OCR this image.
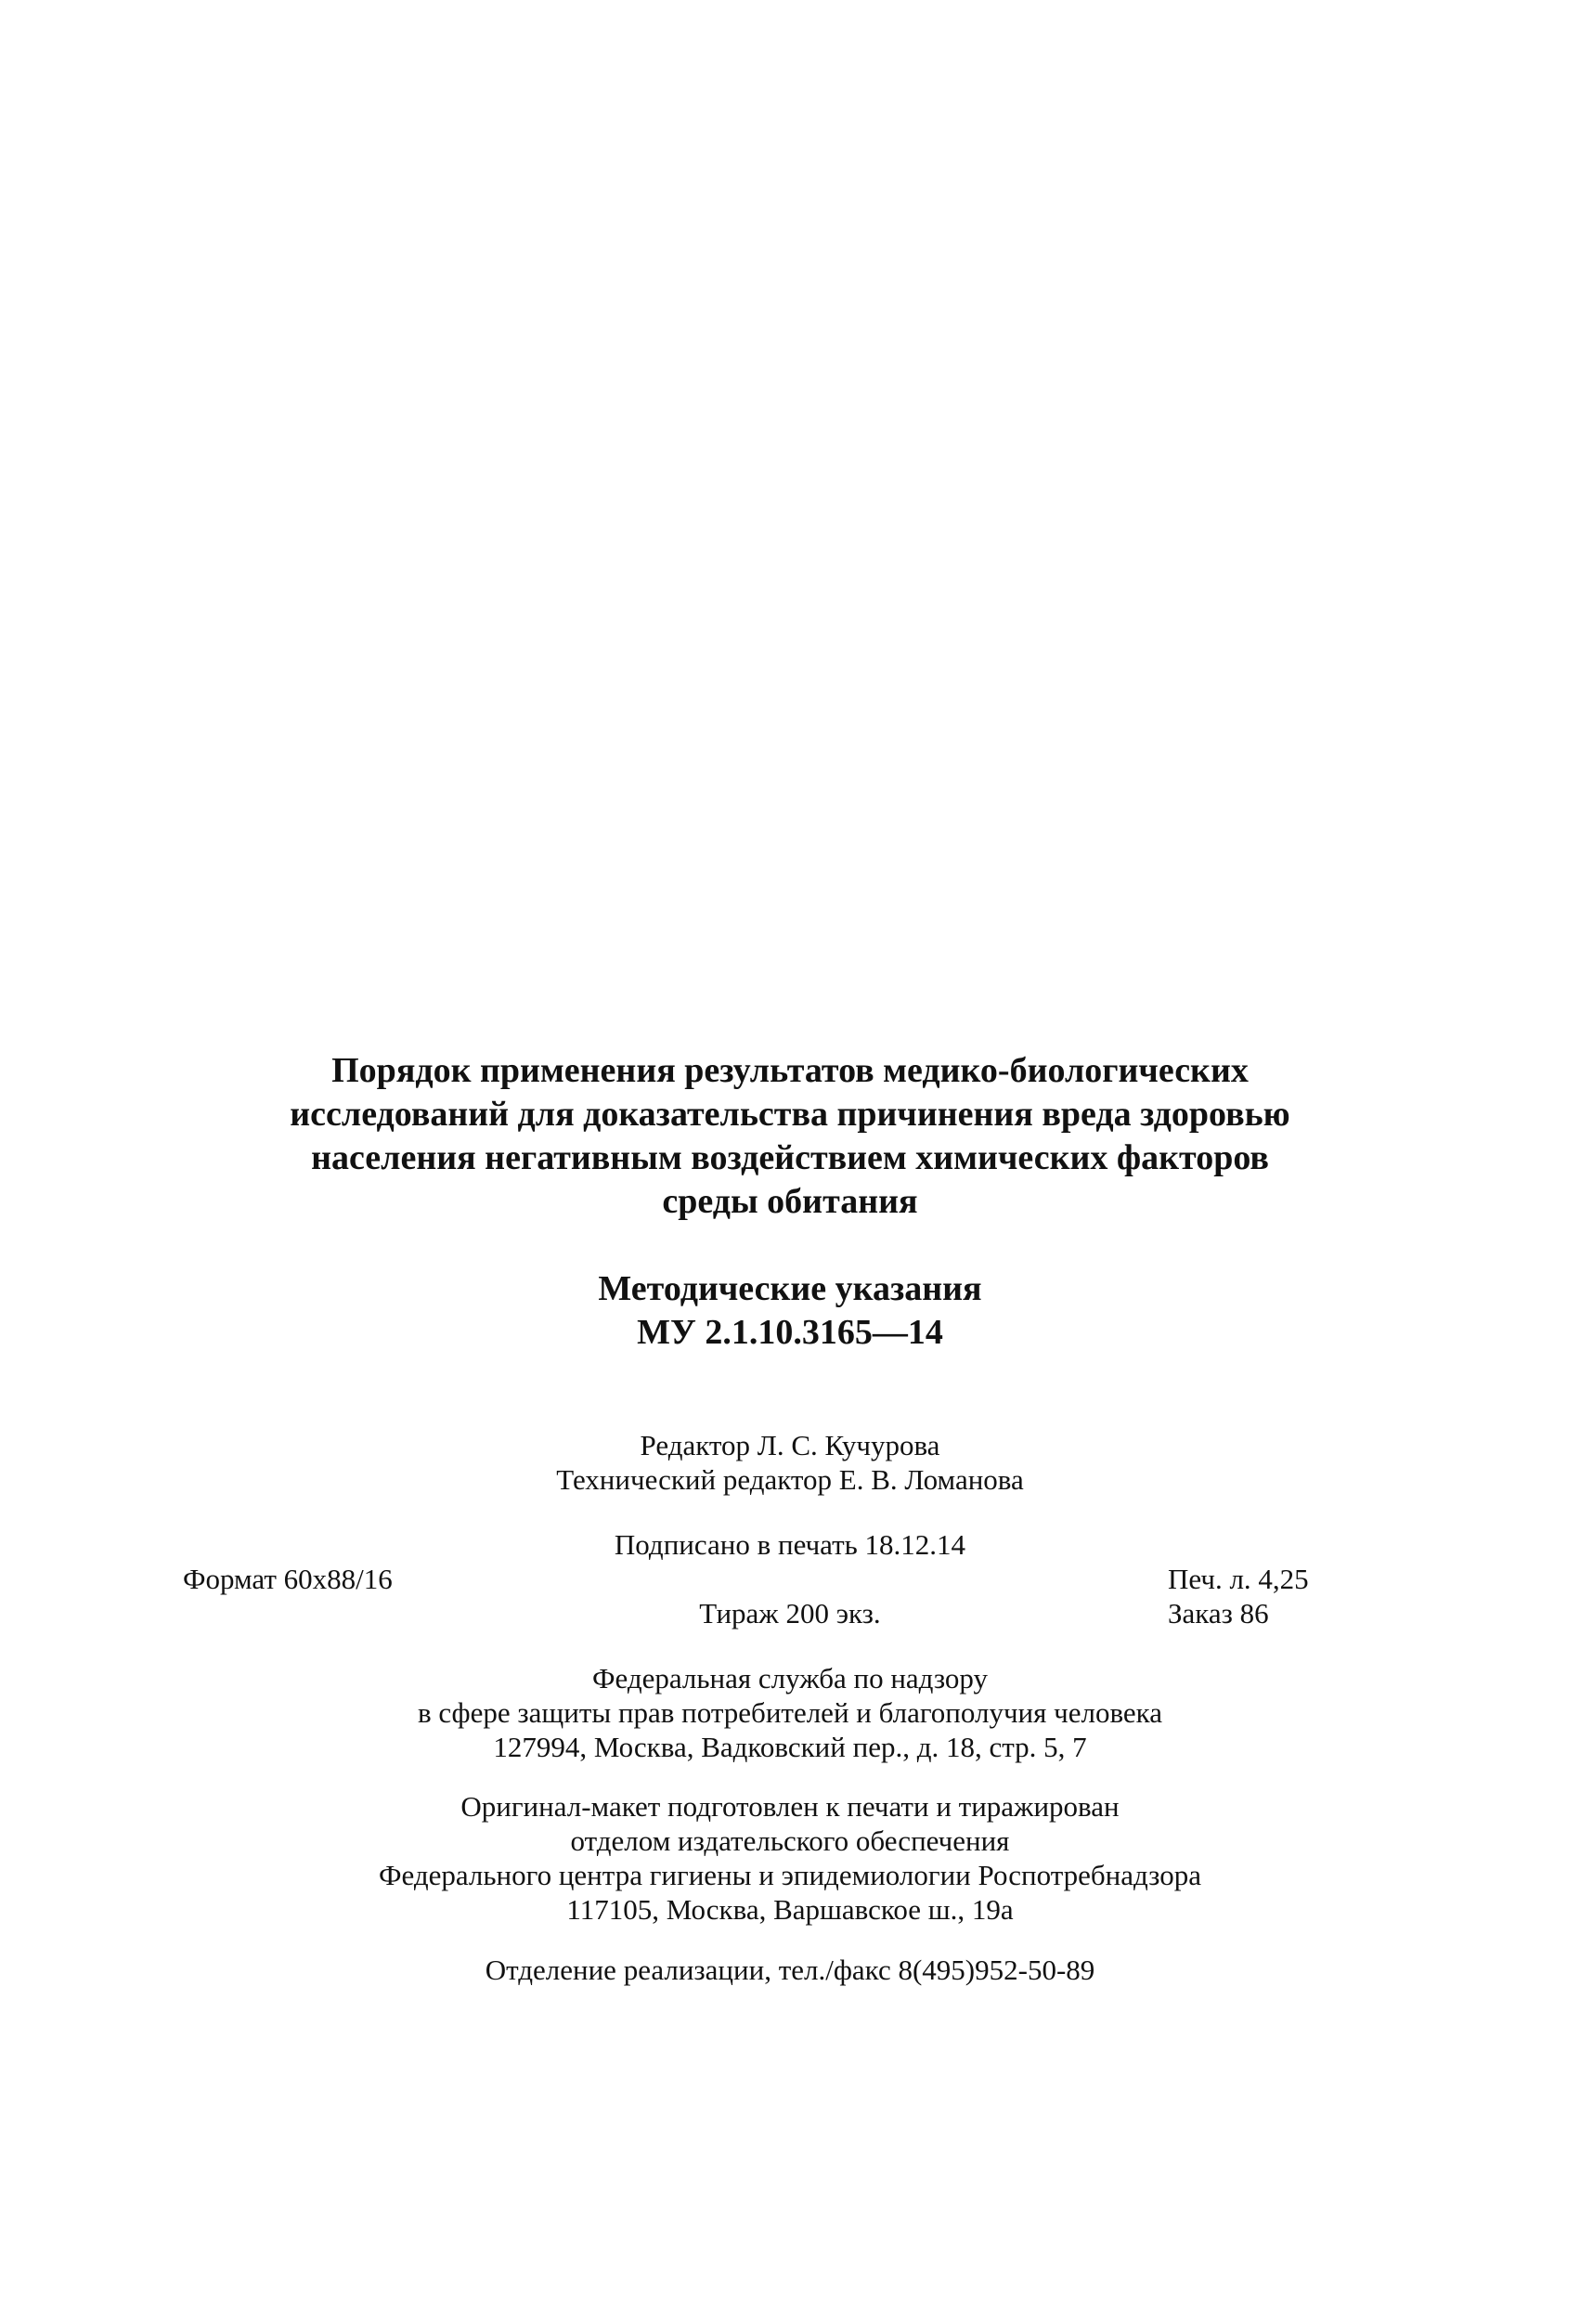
Порядок применения результатов медико-биологических
исследований для доказательства причинения вреда здоровью
населения негативным воздействием химических факторов
среды обитания
Методические указания
МУ 2.1.10.3165—14
Редактор Л. С. Кучурова
Технический редактор Е. В. Ломанова
Подписано в печать 18.12.14
Формат 60x88/16	Печ. л. 4,25
Заказ 86
Тираж 200 экз.
Федеральная служба по надзору
в сфере защиты прав потребителей и благополучия человека
127994, Москва, Вадковский пер., д. 18, стр. 5, 7
Оригинал-макет подготовлен к печати и тиражирован
отделом издательского обеспечения
Федерального центра гигиены и эпидемиологии Роспотребнадзора
117105, Москва, Варшавское ш., 19а
Отделение реализации, тел./факс 8(495)952-50-89
